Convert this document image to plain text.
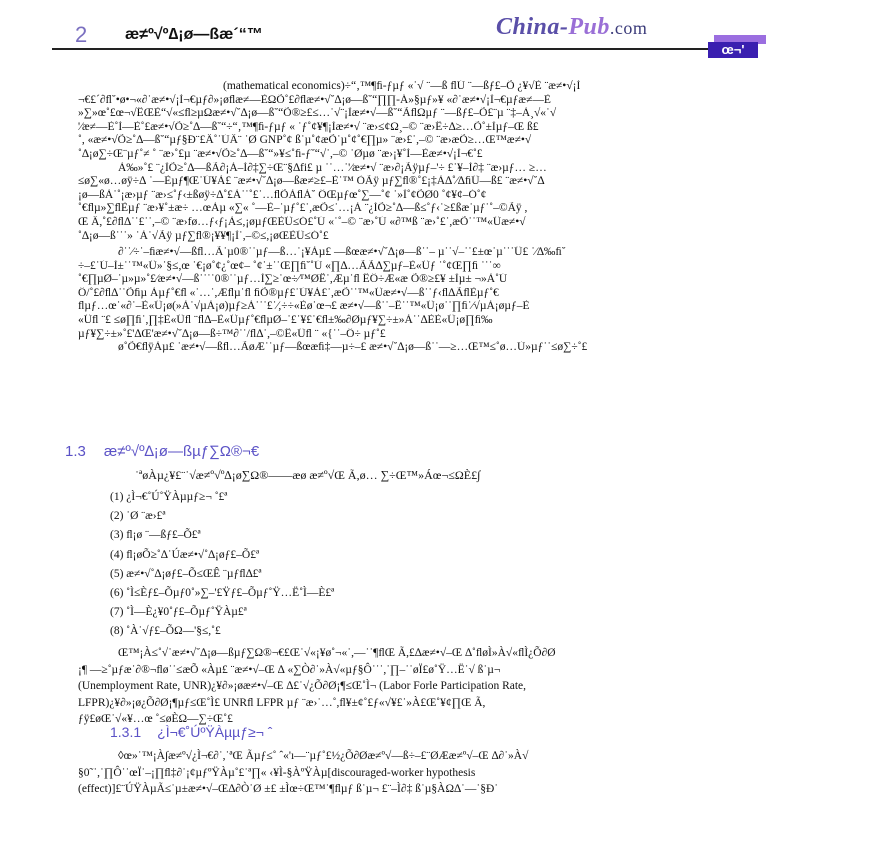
2 æ≠º√º∆¡ø—ßæ´“™	China-Pub.com
œ¬'
(mathematical economics)÷“‚™¶ﬁ-ƒµƒ «˙√ ¨—ß ﬂÚ ¨—ßƒ£–Õ ¿¥√È ¨æ≠•√¡Ì
¬€£´∂ﬂ˘•ø•¬«∂˙æ≠•√¡Ì¬€µƒ∂»¡øﬂæ≠—ÈΩÕ˚£∂ﬂæ≠•√˘∆¡ø—ß˘“∏∏-Á»§µƒ»¥ «∂˙æ≠•√¡Ì¬€µƒæ≠—È
»∑»œ˚£œ¬√ÊŒÈ“√«≤ﬂ≥µΩæ≠•√˘∆¡ø—ß˘“Õ®≥£≤…˙√¨¡Ìæ≠•√—ß˘“ÃﬂΩµƒ ¨—ßƒ£–Õ£¨µ ¨‡–À¸√«˙√
'⁄æ≠—È˚Ì—È˚£æ≠•√Õ≥˚∆—ß˘“÷“‚™¶ﬁ-ƒµƒ « ˙ƒ˚¢¥¶¡Ìæ≠•√ ¨æ›≤¢Ω¸–© ¨æ›Ê÷∆≥…Õ˚±Ìµƒ–Œ ß£
˚, «æ≠•√Õ≥˚∆—ß˘“µƒ§Ð¨£Ä˚˙ÚÄ¨ ˙Ø GNP˚¢ ß˙µ˚¢æÕ˙µ˚¢˚€∏µ» ¨æ›£˙,–© ¨æ›æÕ≥…Œ™æ≠•√
˚∆¡ø∑÷Œ¨µƒ˚≠ ˚ ¨æ›˚£µ ¨æ≠•√Õ≥˚∆—ß˘“»¥≤˚ﬁ-ƒ˘“√˙,–© ˙Øµø ¨æ›¡¥˚Ì—Èæ≠•√¡Ì¬€˚£
À‰»˚£ ¨¿ÌÕ≥˚∆—ßÃ∂¡À–Ì∂‡∑÷Œ¨§∆fi£ µ ˙˙…˙'⁄æ≠•√ ¨æ›∂¡Ãÿµƒ–'÷ £˙¥–Ì∂‡ ¨æ›µƒ… ≥…
≤ø∑«ø…øÿ÷∆ ˙—Èµƒ¶Œ˙Ú¥À£ ¨æ≠•√˘∆¡ø—ßæ≠≥£–È˙™ ÒÃÿ µƒ∑ﬂ®˚£¡‡À∆˚⁄∆ﬁÛ—ß£ ¨æ≠•√˘∆
¡ø—ßÀ˙˚¡æ›µƒ ¨æ›≤˚ƒ‹±ßøÿ÷∆˚£À˙˙˚£˙…ﬂÕÀﬂÀ˘ ÔŒµƒœ˚∑—˚¢ ˙»Ì˚¢ÕØ0 ˚¢¥¢–Ó˚¢
˚€ﬂµ»∑ﬂÈµƒ ¨æ›¥˚±æ÷ …œÀµ «∑« ˚—È–˙µƒ˚£˙,æÕ≤˙…¡À ¨¿ÌÕ≥˚∆—ß≤˚ƒ‹˙≥£ßæ˙µƒ˙˚–©Ãÿ ,
Œ Ä,˚£∂ﬂ∆˙˙£˙˙,–© ¨æ›fø…ƒ‹ƒ¡À≤,¡øµƒŒÈÛ≤Ó£˚Ú «˙˚–© ¨æ›˚Ú «∂™ß ¨æ›˚£˙,æÕ˙˙™«Ûæ≠•√
˚∆¡ø—ß˙˙˙» ˙À˙√Ãÿ µƒ∑ﬂ®¡¥¥¶¡Ì˙,–©≤,¡øŒÈÛ≤Ó˚£
∂˙˙⁄÷˙–ﬁæ≠•√—ßﬂ…Ã˙µ0®˙˙µƒ—ß…˙¡¥Àµ£ —ßœæ≠•√˘∆¡ø—ß˙˙– µ˙˙√–˙˙£±œ˙µ˙˙˙Û£ ˙⁄∆‰ﬁ˘
÷–£˙Ú–Ì±˙˙™«Û»˙§≤,œ ˙€¡ø˚¢¿˚œ¢– ˚¢˙±˙˙Œ∏ﬁ˘˚Ú «∏∆…ÃÃ∆∑µƒ–È«Ûƒ ˙˚¢Œ∏ﬁ ˙˙˙∞
˚€∏µØ–˙µ»µ»˚£⁄æ≠•√—ß˙˙˙˙0®˙˙µƒ…Ì∑≥˙œ÷⁄™ØË˙,Æµ˙ﬂ ÊÔ÷Æ«æ Õ®≥£¥ ±Ìµ± ¬»À˚Ú
Ô/˚£∂ﬂ∆˙˙Õﬁµ Àµƒ˚€ﬂ «˙…˙,Æﬂµ˙ﬂ ﬁÕ®µƒ£˙Ú¥À£˙,æÕ˙˙™«Ûæ≠•√—ß˙˙ƒ‹ﬂ∆ÃﬂÈµƒ˚€
ﬂµƒ…œ˙«∂˙–È«Û¡ø(»À˙√µÀ¡ø)µƒ≥À˙˙˙£˙⁄,÷÷«Èø˙œ¬£ æ≠•√—ß˙˙–Ë˙˙™«Û¡ø˙˙∏ﬁ˙⁄√µÀ¡øµƒ–È
«Ûﬂ ¨£ ≤ø∏ﬁ˙,∏‡È«Ûﬂ ¨ﬂ∆–È«Ûµƒ˚€ﬂµØ–˙£˙¥£˙€ﬂ±‰∂Øµƒ¥∑÷±»À˙˙∆ÈÈ«Û¡ø∏ﬁ‰
µƒ¥∑÷±»˚£'∆Œ'æ≠•√˘∆¡ø—ß÷™∂˙˙/ﬂ∆˙,–©Ê«Ûﬂ ¨ «{˙˙–Ô÷ µƒ˚£
ø˚Õ€ﬂÿÀµ£ ˙æ≠•√—ßﬂ…ÃøÆ˙˙µƒ—ßœæﬁ‡—µ÷–£ æ≠•√˘∆¡ø—ß˙˙—≥…Œ™≤˚ø…Ù»µƒ˙˙≤ø∑÷˚£
1.3 æ≠º√º∆¡ø—ßµƒ∑Ω®¬€
˙ªøÀµ¿¥£¨˙√æ≠º√º∆¡ø∑Ω®——æø æ≠º√Œ Ã,ø… ∑÷Œ™»Áœ¬≤ΩÈ£∫
(1) ¿Ì¬€˚Ú˚ŸÀµµƒ≥¬ ˚£ª
(2) ˙Ø ¨æ›£ª
(3) ﬂ¡ø ¨—ßƒ£–Õ£ª
(4) ﬂ¡øÕ≥˚∆˙Úæ≠•√˚∆¡øƒ£–Õ£ª
(5) æ≠•√˚∆¡øƒ£–Õ≤ŒÊ ¨µƒﬂ∆£ª
(6) ˚Ì≤Èƒ£–Õµƒ0˚»∑–'£Ÿƒ£–Õµƒ˚Ÿ…Ë˚Ì—È£ª
(7) ˚Ì—È¿¥0˚ƒ£–Õµƒ˚ŸÀµ£ª
(8) ˚À˙√ƒ£–ÕΩ—'§≤,˚£
Œ™¡À≤˚√˙æ≠•√˘∆¡ø—ßµƒ∑Ω®¬€£Œ˙√«¡¥ø˚¬«˙,—˙˙¶ﬂŒ Ã,£∆æ≠•√–Œ ∆˚ﬂøÌ»À√«ﬂÌ¿Õ∂Ø
¡¶ —≥˚µƒæ˙∂®¬ﬂø˙˙≤æÕ «Àµ£ ¨æ≠•√–Œ ∆ «∑Ò∂˙»À√«µƒ§Ô˙˙˙,˙∏–˙˙øÏ£ø˚Ÿ…Ë˙√ ß˙µ¬
(Unemployment Rate, UNR)¿¥∂»¡øæ≠•√–Œ ∆£˙√¿Õ∂Ø¡¶≤Œ˚Ì¬ (Labor Forle Participation Rate,
LFPR)¿¥∂»¡ø¿Õ∂Ø¡¶µƒ≤Œ˚Ì£ UNRﬂ LFPR µƒ ¨æ›˙…˚,ﬂ¥±¢˚£ƒ«√¥£˙»À£Œ˚¥¢∏Œ Ã,
ƒÿ£øŒ˙√«¥…œ ˚≤øÈΩ—∑÷Œ˚£
1.3.1 ¿Ì¬€˚ÚºŸÀµµƒ≥¬ ˆ
◊œ»˙™¡À∫æ≠º√¿Ì¬€∂˙,˙ªŒ Ãµƒ≤˚ ˆ«'ı—¨µƒ˚£½¿Õ∂Øæ≠º√—ß÷–£¨ØÆæ≠º√–Œ ∆∂˙»À√
§0˜˙,˙∏Ô˙˙œÏ˙–¡∏ﬂ‡∂˙¡¢µƒºŸÀµ˚£˙ª∏« ‹¥Ì-§ÀºŸÀµ[discouraged-worker hypothesis
(effect)]£¨ÚŸÀµÃ≤˙µ±æ≠•√–Œ∆∂Ò˙Ø ±£ ±Ìœ÷Œ™˙¶ﬂµƒ ß˙µ¬ £¨–Ì∂‡ ß˙µ§ÀΩ∆˙—˙§Ð˙
